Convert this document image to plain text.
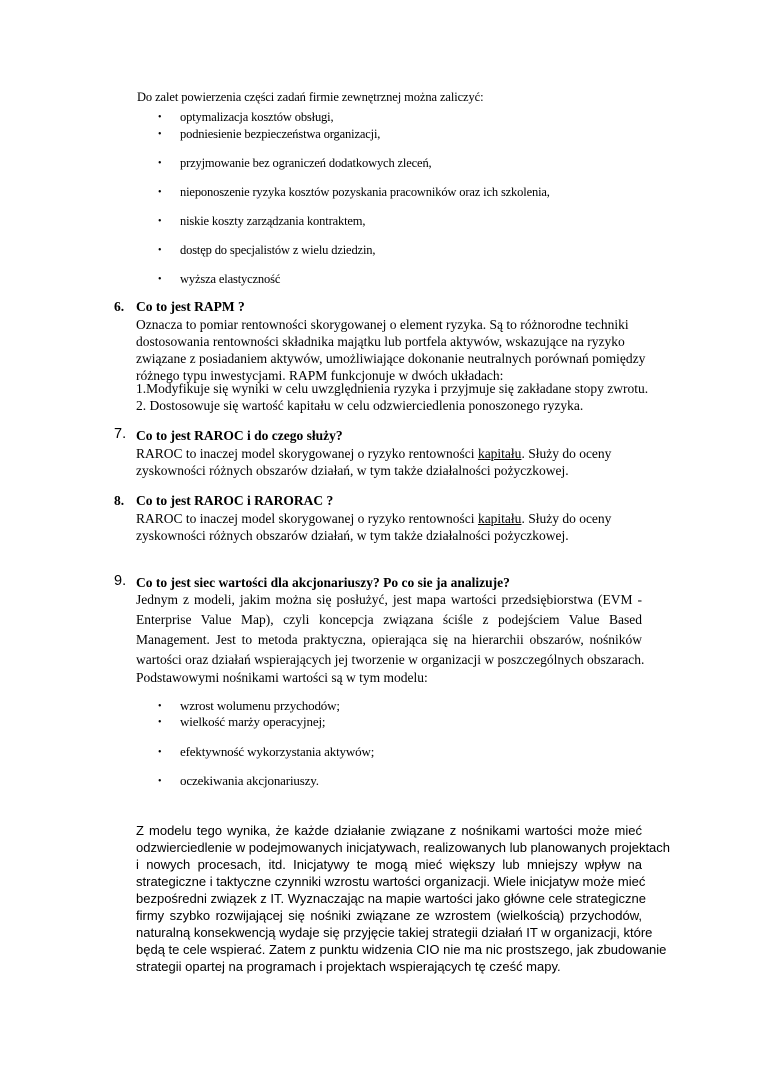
Do zalet powierzenia części zadań firmie zewnętrznej można zaliczyć:
• optymalizacja kosztów obsługi,
• podniesienie bezpieczeństwa organizacji,
• przyjmowanie bez ograniczeń dodatkowych zleceń,
• nieponoszenie ryzyka kosztów pozyskania pracowników oraz ich szkolenia,
• niskie koszty zarządzania kontraktem,
• dostęp do specjalistów z wielu dziedzin,
• wyższa elastyczność
6. Co to jest RAPM ?
Oznacza to pomiar rentowności skorygowanej o element ryzyka. Są to różnorodne techniki
dostosowania rentowności składnika majątku lub portfela aktywów, wskazujące na ryzyko
związane z posiadaniem aktywów, umożliwiające dokonanie neutralnych porównań pomiędzy
różnego typu inwestycjami. RAPM funkcjonuje w dwóch układach:
1.Modyfikuje się wyniki w celu uwzględnienia ryzyka i przyjmuje się zakładane stopy zwrotu.
2. Dostosowuje się wartość kapitału w celu odzwierciedlenia ponoszonego ryzyka.
7. Co to jest RAROC i do czego służy?
RAROC to inaczej model skorygowanej o ryzyko rentowności kapitału. Służy do oceny
zyskowności różnych obszarów działań, w tym także działalności pożyczkowej.
8. Co to jest RAROC i RARORAC ?
RAROC to inaczej model skorygowanej o ryzyko rentowności kapitału. Służy do oceny
zyskowności różnych obszarów działań, w tym także działalności pożyczkowej.
9. Co to jest siec wartości dla akcjonariuszy? Po co sie ja analizuje?
Jednym z modeli, jakim można się posłużyć, jest mapa wartości przedsiębiorstwa (EVM -
Enterprise Value Map), czyli koncepcja związana ściśle z podejściem Value Based
Management. Jest to metoda praktyczna, opierająca się na hierarchii obszarów, nośników
wartości oraz działań wspierających jej tworzenie w organizacji w poszczególnych obszarach.
Podstawowymi nośnikami wartości są w tym modelu:
• wzrost wolumenu przychodów;
• wielkość marży operacyjnej;
• efektywność wykorzystania aktywów;
• oczekiwania akcjonariuszy.
Z modelu tego wynika, że każde działanie związane z nośnikami wartości może mieć
odzwierciedlenie w podejmowanych inicjatywach, realizowanych lub planowanych projektach
i nowych procesach, itd. Inicjatywy te mogą mieć większy lub mniejszy wpływ na
strategiczne i taktyczne czynniki wzrostu wartości organizacji. Wiele inicjatyw może mieć
bezpośredni związek z IT. Wyznaczając na mapie wartości jako główne cele strategiczne
firmy szybko rozwijającej się nośniki związane ze wzrostem (wielkością) przychodów,
naturalną konsekwencją wydaje się przyjęcie takiej strategii działań IT w organizacji, które
będą te cele wspierać. Zatem z punktu widzenia CIO nie ma nic prostszego, jak zbudowanie
strategii opartej na programach i projektach wspierających tę cześć mapy.
